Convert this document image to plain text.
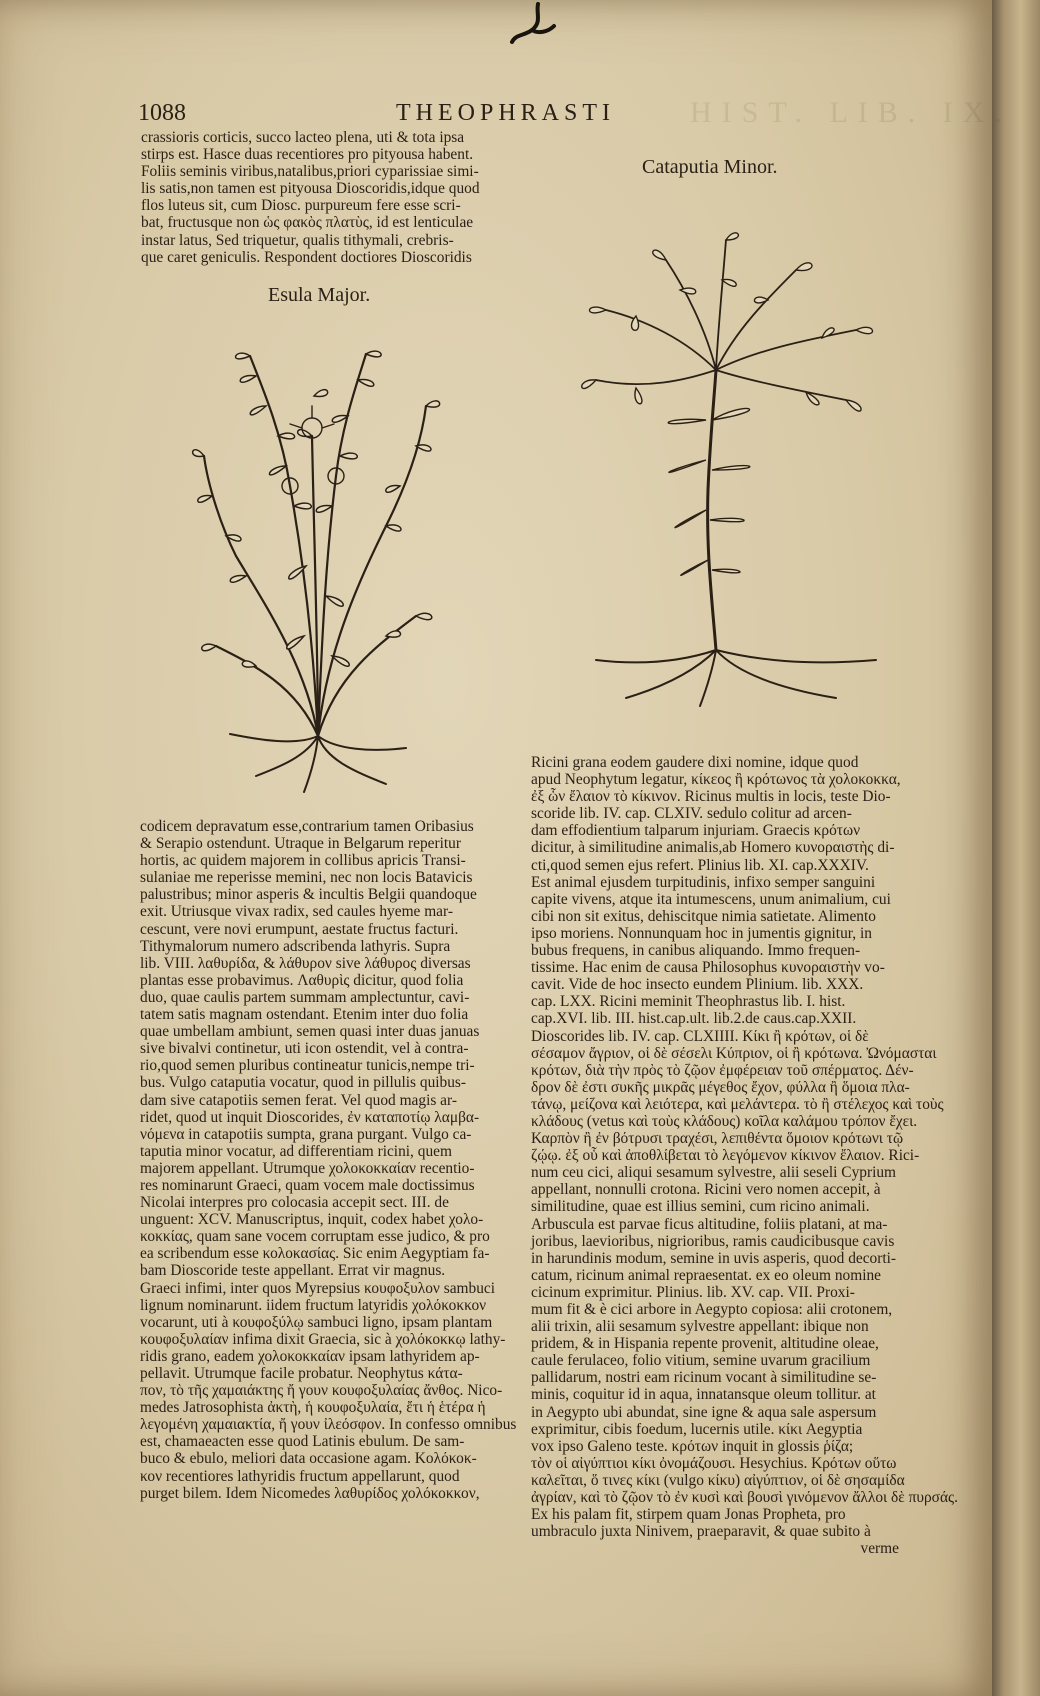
HIST. LIB. IX.
1088	THEOPHRASTI
crassioris corticis, succo lacteo plena, uti & tota ipsa
stirps est. Hasce duas recentiores pro pityousa habent.
Foliis seminis viribus,natalibus,priori cyparissiae simi-
lis satis,non tamen est pityousa Dioscoridis,idque quod
flos luteus sit, cum Diosc. purpureum fere esse scri-
bat, fructusque non ὡς φακὸς πλατὺς, id est lenticulae
instar latus, Sed triquetur, qualis tithymali, crebris-
que caret geniculis. Respondent doctiores Dioscoridis
Esula Major.
Cataputia Minor.
codicem depravatum esse,contrarium tamen Oribasius
& Serapio ostendunt. Utraque in Belgarum reperitur
hortis, ac quidem majorem in collibus apricis Transi-
sulaniae me reperisse memini, nec non locis Batavicis
palustribus; minor asperis & incultis Belgii quandoque
exit. Utriusque vivax radix, sed caules hyeme mar-
cescunt, vere novi erumpunt, aestate fructus facturi.
Tithymalorum numero adscribenda lathyris. Supra
lib. VIII. λαθυρίδα, & λάθυρον sive λάθυρος diversas
plantas esse probavimus. Λαθυρὶς dicitur, quod folia
duo, quae caulis partem summam amplectuntur, cavi-
tatem satis magnam ostendant. Etenim inter duo folia
quae umbellam ambiunt, semen quasi inter duas januas
sive bivalvi continetur, uti icon ostendit, vel à contra-
rio,quod semen pluribus contineatur tunicis,nempe tri-
bus. Vulgo cataputia vocatur, quod in pillulis quibus-
dam sive catapotiis semen ferat. Vel quod magis ar-
ridet, quod ut inquit Dioscorides, ἐν καταποτίῳ λαμβα-
νόμενα in catapotiis sumpta, grana purgant. Vulgo ca-
taputia minor vocatur, ad differentiam ricini, quem
majorem appellant. Utrumque χολοκοκκαίαν recentio-
res nominarunt Graeci, quam vocem male doctissimus
Nicolai interpres pro colocasia accepit sect. III. de
unguent: XCV. Manuscriptus, inquit, codex habet χολο-
κοκκίας, quam sane vocem corruptam esse judico, & pro
ea scribendum esse κολοκασίας. Sic enim Aegyptiam fa-
bam Dioscoride teste appellant. Errat vir magnus.
Graeci infimi, inter quos Myrepsius κουφοξυλον sambuci
lignum nominarunt. iidem fructum latyridis χολόκοκκον
vocarunt, uti à κουφοξύλῳ sambuci ligno, ipsam plantam
κουφοξυλαίαν infima dixit Graecia, sic à χολόκοκκῳ lathy-
ridis grano, eadem χολοκοκκαίαν ipsam lathyridem ap-
pellavit. Utrumque facile probatur. Neophytus κάτα-
πον, τὸ τῆς χαμαιάκτης ἤ γουν κουφοξυλαίας ἄνθος. Nico-
medes Jatrosophista ἀκτὴ, ἡ κουφοξυλαία, ἔτι ἡ ἑτέρα ἡ
λεγομένη χαμαιακτία, ἤ γουν ἰλεόσφον. In confesso omnibus
est, chamaeacten esse quod Latinis ebulum. De sam-
buco & ebulo, meliori data occasione agam. Κολόκοκ-
κον recentiores lathyridis fructum appellarunt, quod
purget bilem. Idem Nicomedes λαθυρίδος χολόκοκκον,
Ricini grana eodem gaudere dixi nomine, idque quod
apud Neophytum legatur, κίκεος ἢ κρότωνος τὰ χολοκοκκα,
ἐξ ὧν ἔλαιον τὸ κίκινον. Ricinus multis in locis, teste Dio-
scoride lib. IV. cap. CLXIV. sedulo colitur ad arcen-
dam effodientium talparum injuriam. Graecis κρότων
dicitur, à similitudine animalis,ab Homero κυνοραιστὴς di-
cti,quod semen ejus refert. Plinius lib. XI. cap.XXXIV.
Est animal ejusdem turpitudinis, infixo semper sanguini
capite vivens, atque ita intumescens, unum animalium, cui
cibi non sit exitus, dehiscitque nimia satietate. Alimento
ipso moriens. Nonnunquam hoc in jumentis gignitur, in
bubus frequens, in canibus aliquando. Immo frequen-
tissime. Hac enim de causa Philosophus κυνοραιστὴν vo-
cavit. Vide de hoc insecto eundem Plinium. lib. XXX.
cap. LXX. Ricini meminit Theophrastus lib. I. hist.
cap.XVI. lib. III. hist.cap.ult. lib.2.de caus.cap.XXII.
Dioscorides lib. IV. cap. CLXIIII. Κίκι ἢ κρότων, οἱ δὲ
σέσαμον ἄγριον, οἱ δὲ σέσελι Κύπριον, οἱ ἢ κρότωνα. Ὠνόμασται
κρότων, διὰ τὴν πρὸς τὸ ζῷον ἐμφέρειαν τοῦ σπέρματος. Δέν-
δρον δὲ ἐστι συκῆς μικρᾶς μέγεθος ἔχον, φύλλα ἢ ὅμοια πλα-
τάνῳ, μείζονα καὶ λειότερα, καὶ μελάντερα. τὸ ἢ στέλεχος καὶ τοὺς
κλάδους (vetus καὶ τοὺς κλάδους) κοῖλα καλάμου τρόπον ἔχει.
Καρπὸν ἢ ἐν βότρυσι τραχέσι, λεπιθέντα ὅμοιον κρότωνι τῷ
ζῴῳ. ἐξ οὗ καὶ ἀποθλίβεται τὸ λεγόμενον κίκινον ἔλαιον. Rici-
num ceu cici, aliqui sesamum sylvestre, alii seseli Cyprium
appellant, nonnulli crotona. Ricini vero nomen accepit, à
similitudine, quae est illius semini, cum ricino animali.
Arbuscula est parvae ficus altitudine, foliis platani, at ma-
joribus, laevioribus, nigrioribus, ramis caudicibusque cavis
in harundinis modum, semine in uvis asperis, quod decorti-
catum, ricinum animal repraesentat. ex eo oleum nomine
cicinum exprimitur. Plinius. lib. XV. cap. VII. Proxi-
mum fit & è cici arbore in Aegypto copiosa: alii crotonem,
alii trixin, alii sesamum sylvestre appellant: ibique non
pridem, & in Hispania repente provenit, altitudine oleae,
caule ferulaceo, folio vitium, semine uvarum gracilium
pallidarum, nostri eam ricinum vocant à similitudine se-
minis, coquitur id in aqua, innatansque oleum tollitur. at
in Aegypto ubi abundat, sine igne & aqua sale aspersum
exprimitur, cibis foedum, lucernis utile. κίκι Aegyptia
vox ipso Galeno teste. κρότων inquit in glossis ῥίζα;
τὸν οἱ αἰγύπτιοι κίκι ὀνομάζουσι. Hesychius. Κρότων οὕτω
καλεῖται, ὅ τινες κίκι (vulgo κίκυ) αἰγύπτιον, οἱ δὲ σησαμίδα
ἀγρίαν, καὶ τὸ ζῷον τὸ ἐν κυσὶ καὶ βουσὶ γινόμενον ἄλλοι δὲ πυρσάς.
Ex his palam fit, stirpem quam Jonas Propheta, pro
umbraculo juxta Ninivem, praeparavit, & quae subito à
verme
